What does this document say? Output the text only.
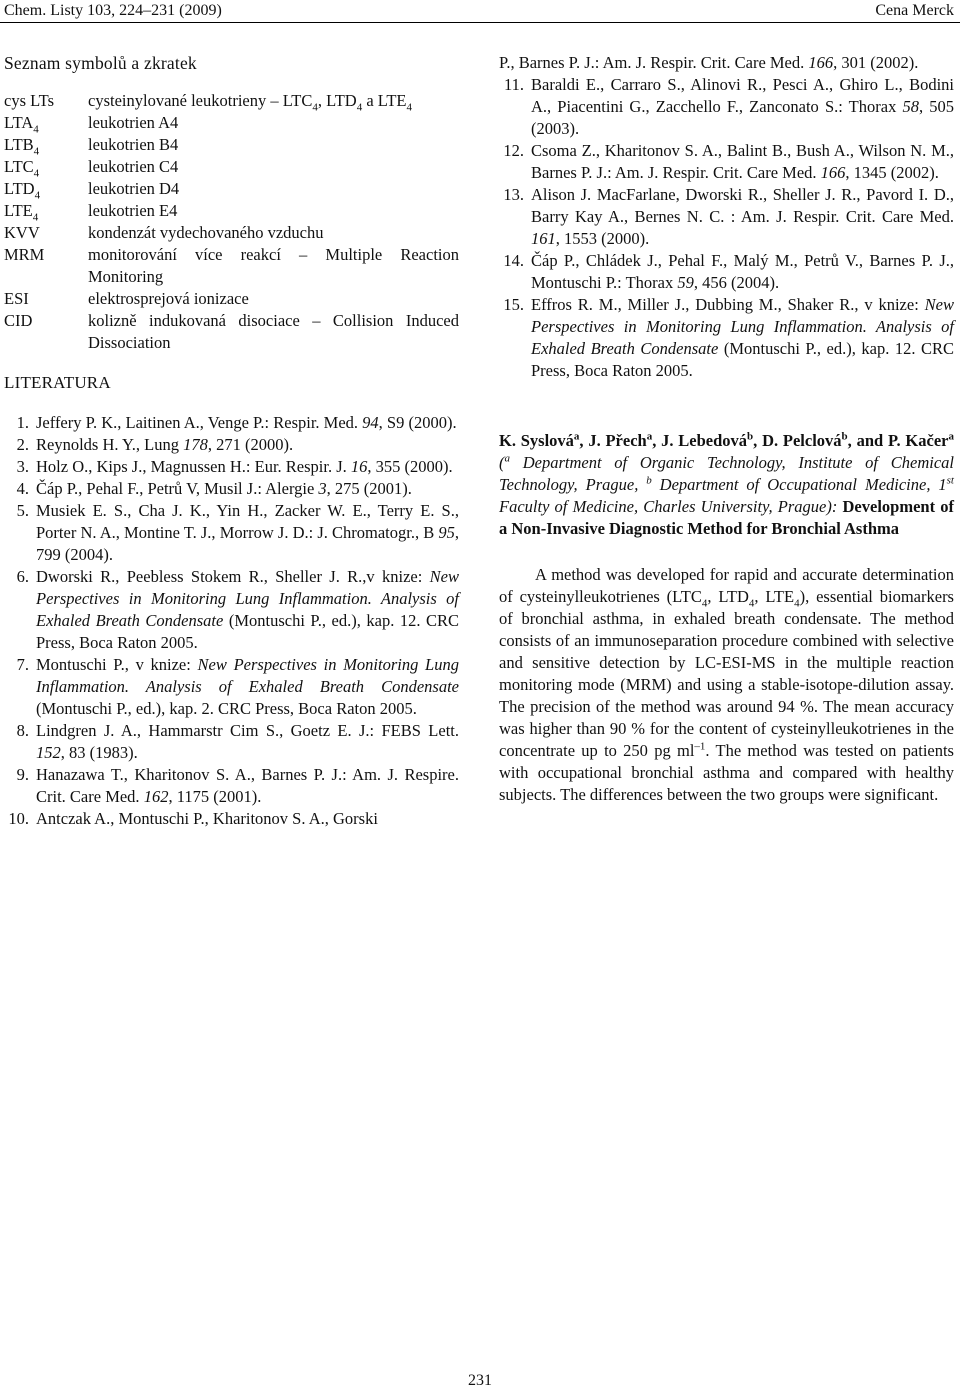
Chem. Listy 103, 224–231 (2009)	Cena Merck
Seznam symbolů a zkratek
cys LTs	cysteinylované leukotrieny – $LTC_4$, $LTD_4$ a $LTE_4$
$LTA_4$	leukotrien A4
$LTB_4$	leukotrien B4
$LTC_4$	leukotrien C4
$LTD_4$	leukotrien D4
$LTE_4$	leukotrien E4
KVV	kondenzát vydechovaného vzduchu
MRM	monitorování více reakcí – Multiple Reaction Monitoring
ESI	elektrosprejová ionizace
CID	kolizně indukovaná disociace – Collision Induced Dissociation
LITERATURA
1. Jeffery P. K., Laitinen A., Venge P.: Respir. Med. 94, S9 (2000).
2. Reynolds H. Y., Lung 178, 271 (2000).
3. Holz O., Kips J., Magnussen H.: Eur. Respir. J. 16, 355 (2000).
4. Čáp P., Pehal F., Petrů V, Musil J.: Alergie 3, 275 (2001).
5. Musiek E. S., Cha J. K., Yin H., Zacker W. E., Terry E. S., Porter N. A., Montine T. J., Morrow J. D.: J. Chromatogr., B 95, 799 (2004).
6. Dworski R., Peebless Stokem R., Sheller J. R.,v knize: New Perspectives in Monitoring Lung Inflammation. Analysis of Exhaled Breath Condensate (Montuschi P., ed.), kap. 12. CRC Press, Boca Raton 2005.
7. Montuschi P., v knize: New Perspectives in Monitoring Lung Inflammation. Analysis of Exhaled Breath Condensate (Montuschi P., ed.), kap. 2. CRC Press, Boca Raton 2005.
8. Lindgren J. A., Hammarstr Cim S., Goetz E. J.: FEBS Lett. 152, 83 (1983).
9. Hanazawa T., Kharitonov S. A., Barnes P. J.: Am. J. Respire. Crit. Care Med. 162, 1175 (2001).
10. Antczak A., Montuschi P., Kharitonov S. A., Gorski
P., Barnes P. J.: Am. J. Respir. Crit. Care Med. 166, 301 (2002).
11. Baraldi E., Carraro S., Alinovi R., Pesci A., Ghiro L., Bodini A., Piacentini G., Zacchello F., Zanconato S.: Thorax 58, 505 (2003).
12. Csoma Z., Kharitonov S. A., Balint B., Bush A., Wilson N. M., Barnes P. J.: Am. J. Respir. Crit. Care Med. 166, 1345 (2002).
13. Alison J. MacFarlane, Dworski R., Sheller J. R., Pavord I. D., Barry Kay A., Bernes N. C. : Am. J. Respir. Crit. Care Med. 161, 1553 (2000).
14. Čáp P., Chládek J., Pehal F., Malý M., Petrů V., Barnes P. J., Montuschi P.: Thorax 59, 456 (2004).
15. Effros R. M., Miller J., Dubbing M., Shaker R., v knize: New Perspectives in Monitoring Lung Inflammation. Analysis of Exhaled Breath Condensate (Montuschi P., ed.), kap. 12. CRC Press, Boca Raton 2005.
K. Syslová$^a$, J. Přech$^a$, J. Lebedová$^b$, D. Pelclová$^b$, and P. Kačer$^a$ ($^a$ Department of Organic Technology, Institute of Chemical Technology, Prague, $^b$ Department of Occupational Medicine, 1st Faculty of Medicine, Charles University, Prague): Development of a Non-Invasive Diagnostic Method for Bronchial Asthma
A method was developed for rapid and accurate determination of cysteinylleukotrienes ($LTC_4$, $LTD_4$, $LTE_4$), essential biomarkers of bronchial asthma, in exhaled breath condensate. The method consists of an immunoseparation procedure combined with selective and sensitive detection by LC-ESI-MS in the multiple reaction monitoring mode (MRM) and using a stable-isotope-dilution assay. The precision of the method was around 94 %. The mean accuracy was higher than 90 % for the content of cysteinylleukotrienes in the concentrate up to 250 pg $ml^{-1}$. The method was tested on patients with occupational bronchial asthma and compared with healthy subjects. The differences between the two groups were significant.
231
